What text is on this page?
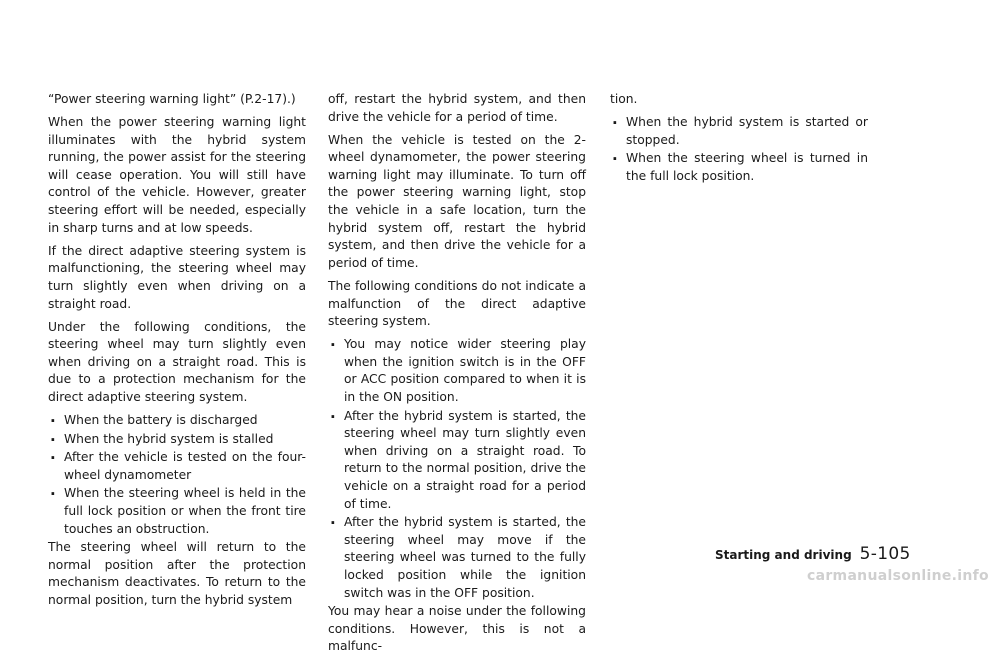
“Power steering warning light” (P.2-17).)

When the power steering warning light illuminates with the hybrid system running, the power assist for the steering will cease operation. You will still have control of the vehicle. However, greater steering effort will be needed, especially in sharp turns and at low speeds.

If the direct adaptive steering system is malfunctioning, the steering wheel may turn slightly even when driving on a straight road.

Under the following conditions, the steering wheel may turn slightly even when driving on a straight road. This is due to a protection mechanism for the direct adaptive steering system.

. When the battery is discharged
. When the hybrid system is stalled
. After the vehicle is tested on the four-wheel dynamometer
. When the steering wheel is held in the full lock position or when the front tire touches an obstruction.

The steering wheel will return to the normal position after the protection mechanism deactivates. To return to the normal position, turn the hybrid system

off, restart the hybrid system, and then drive the vehicle for a period of time.

When the vehicle is tested on the 2-wheel dynamometer, the power steering warning light may illuminate. To turn off the power steering warning light, stop the vehicle in a safe location, turn the hybrid system off, restart the hybrid system, and then drive the vehicle for a period of time.

The following conditions do not indicate a malfunction of the direct adaptive steering system.

. You may notice wider steering play when the ignition switch is in the OFF or ACC position compared to when it is in the ON position.
. After the hybrid system is started, the steering wheel may turn slightly even when driving on a straight road. To return to the normal position, drive the vehicle on a straight road for a period of time.
. After the hybrid system is started, the steering wheel may move if the steering wheel was turned to the fully locked position while the ignition switch was in the OFF position.

You may hear a noise under the following conditions. However, this is not a malfunc-

tion.

. When the hybrid system is started or stopped.
. When the steering wheel is turned in the full lock position.
Starting and driving 5-105
carmanualsonline.info
